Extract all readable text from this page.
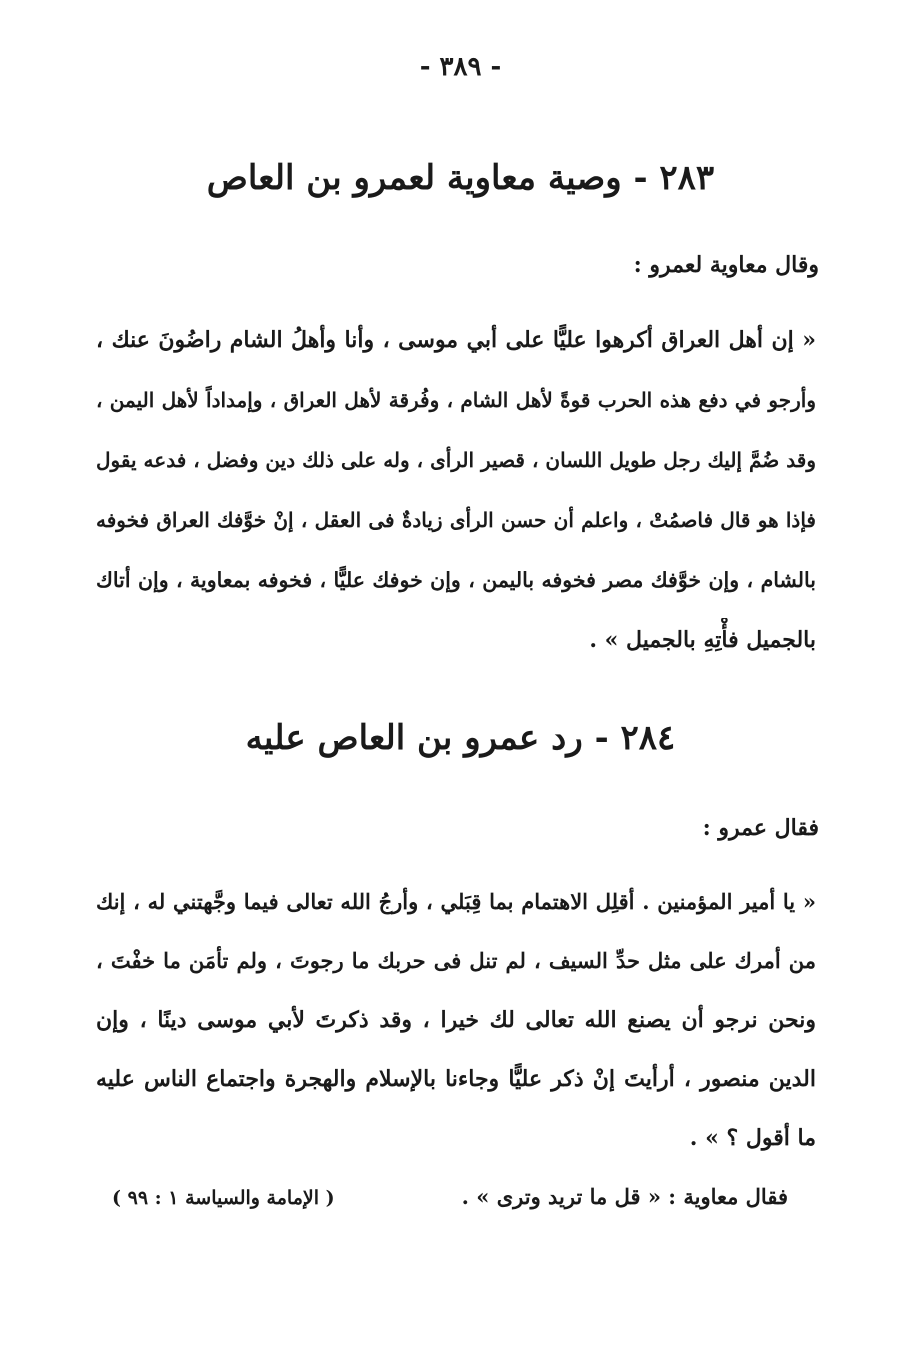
- ٣٨٩ -
٢٨٣ - وصية معاوية لعمرو بن العاص
وقال معاوية لعمرو :
« إن أهل العراق أكرهوا عليًّا على أبي موسى ، وأنا وأهلُ الشام راضُونَ عنك ،
وأرجو في دفع هذه الحرب قوةً لأهل الشام ، وفُرقة لأهل العراق ، وإمداداً لأهل اليمن ،
وقد ضُمَّ إليك رجل طويل اللسان ، قصير الرأى ، وله على ذلك دين وفضل ، فدعه يقول
فإذا هو قال فاصمُتْ ، واعلم أن حسن الرأى زيادةٌ فى العقل ، إنْ خوَّفك العراق فخوفه
بالشام ، وإن خوَّفك مصر فخوفه باليمن ، وإن خوفك عليًّا ، فخوفه بمعاوية ، وإن أتاك
بالجميل فأْتِهِ بالجميل » .
٢٨٤ - رد عمرو بن العاص عليه
فقال عمرو :
« يا أمير المؤمنين . أقلِل الاهتمام بما قِبَلي ، وأرجُ الله تعالى فيما وجَّهتني له ، إنك
من أمرك على مثل حدِّ السيف ، لم تنل فى حربك ما رجوتَ ، ولم تأمَن ما خفْتَ ،
ونحن نرجو أن يصنع الله تعالى لك خيرا ، وقد ذكرتَ لأبي موسى دينًا ، وإن
الدين منصور ، أرأيتَ إنْ ذكر عليًّا وجاءنا بالإسلام والهجرة واجتماع الناس عليه
ما أقول ؟ » .
فقال معاوية : « قل ما تريد وترى » .
( الإمامة والسياسة ١ : ٩٩ )
